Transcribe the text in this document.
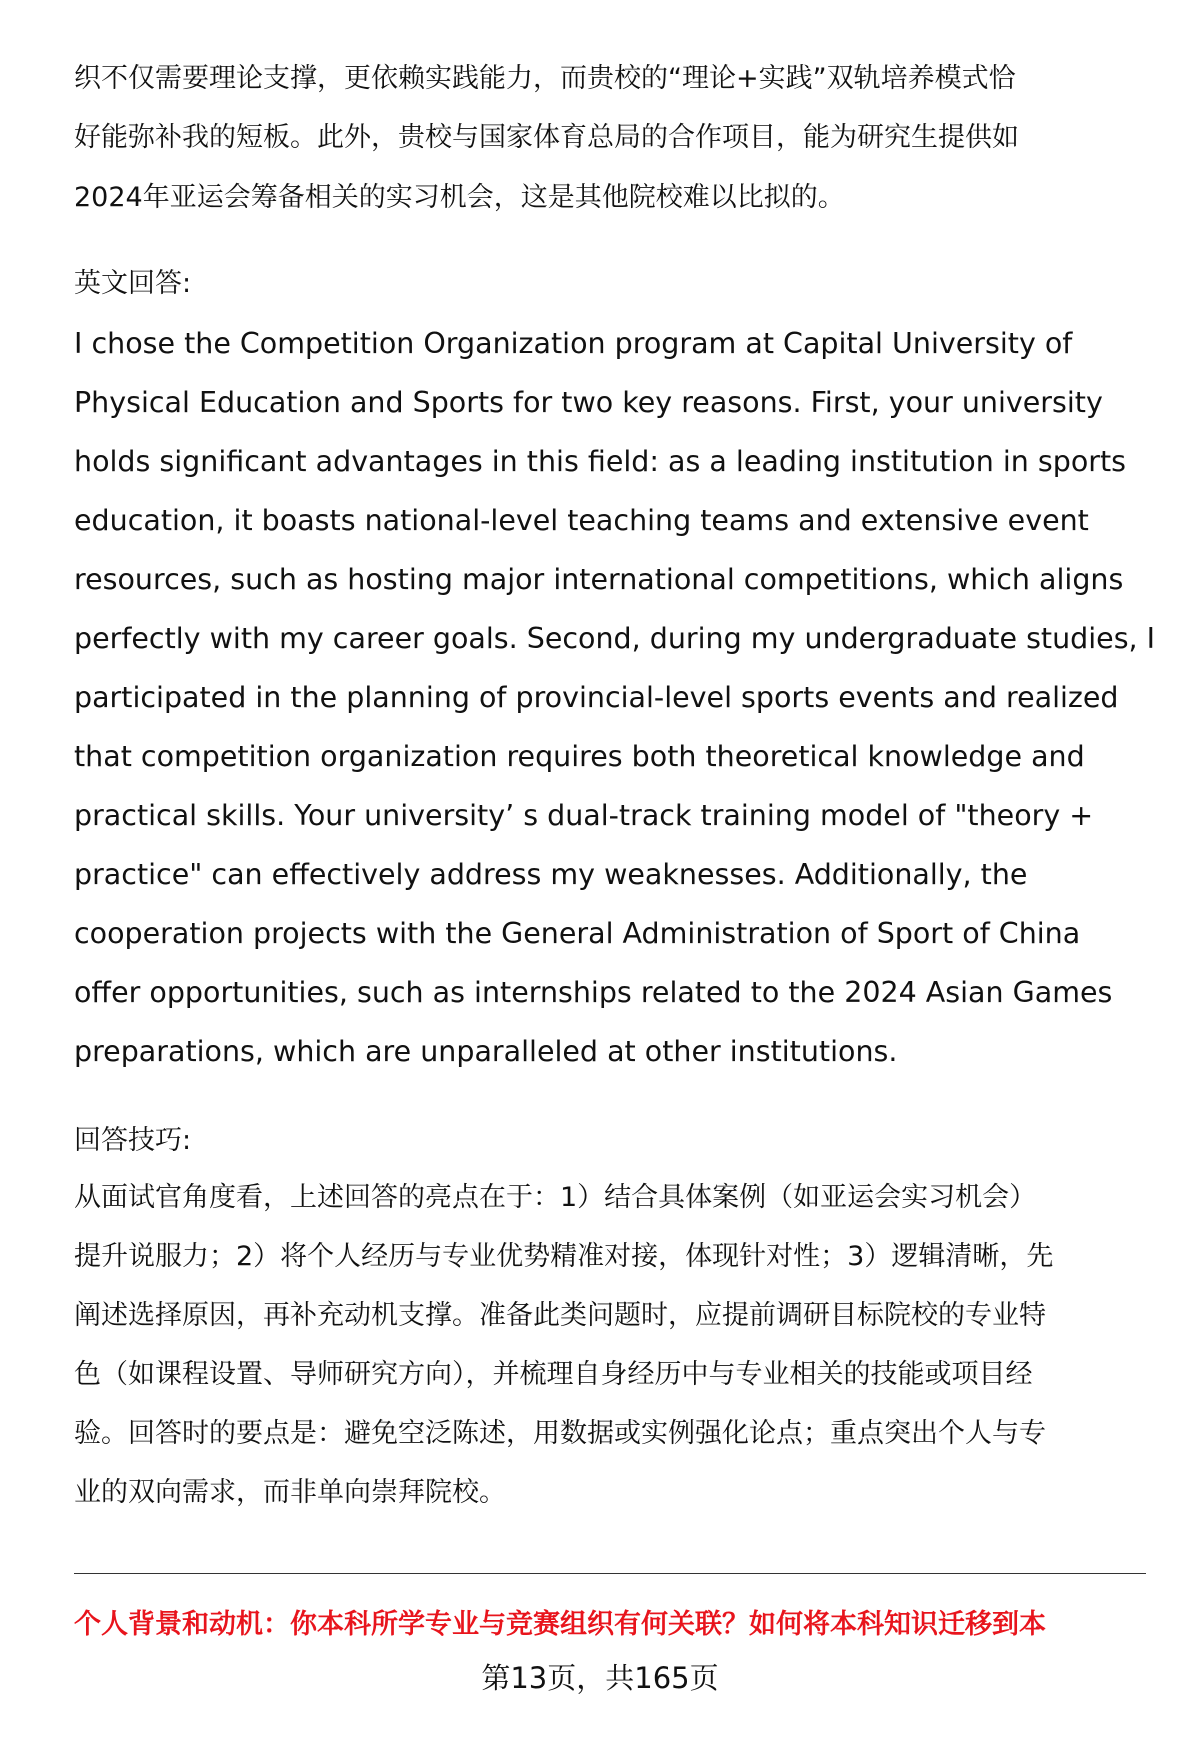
织不仅需要理论支撑，更依赖实践能力，而贵校的“理论+实践”双轨培养模式恰
好能弥补我的短板。此外，贵校与国家体育总局的合作项目，能为研究生提供如
2024年亚运会筹备相关的实习机会，这是其他院校难以比拟的。
英文回答:
I chose the Competition Organization program at Capital University of
Physical Education and Sports for two key reasons. First, your university
holds significant advantages in this field: as a leading institution in sports
education, it boasts national-level teaching teams and extensive event
resources, such as hosting major international competitions, which aligns
perfectly with my career goals. Second, during my undergraduate studies, I
participated in the planning of provincial-level sports events and realized
that competition organization requires both theoretical knowledge and
practical skills. Your university’ s dual-track training model of "theory +
practice" can effectively address my weaknesses. Additionally, the
cooperation projects with the General Administration of Sport of China
offer opportunities, such as internships related to the 2024 Asian Games
preparations, which are unparalleled at other institutions.
回答技巧:
从面试官角度看，上述回答的亮点在于：1）结合具体案例（如亚运会实习机会）
提升说服力；2）将个人经历与专业优势精准对接，体现针对性；3）逻辑清晰，先
阐述选择原因，再补充动机支撑。准备此类问题时，应提前调研目标院校的专业特
色（如课程设置、导师研究方向），并梳理自身经历中与专业相关的技能或项目经
验。回答时的要点是：避免空泛陈述，用数据或实例强化论点；重点突出个人与专
业的双向需求，而非单向崇拜院校。
个人背景和动机：你本科所学专业与竞赛组织有何关联？如何将本科知识迁移到本
第13页，共165页
